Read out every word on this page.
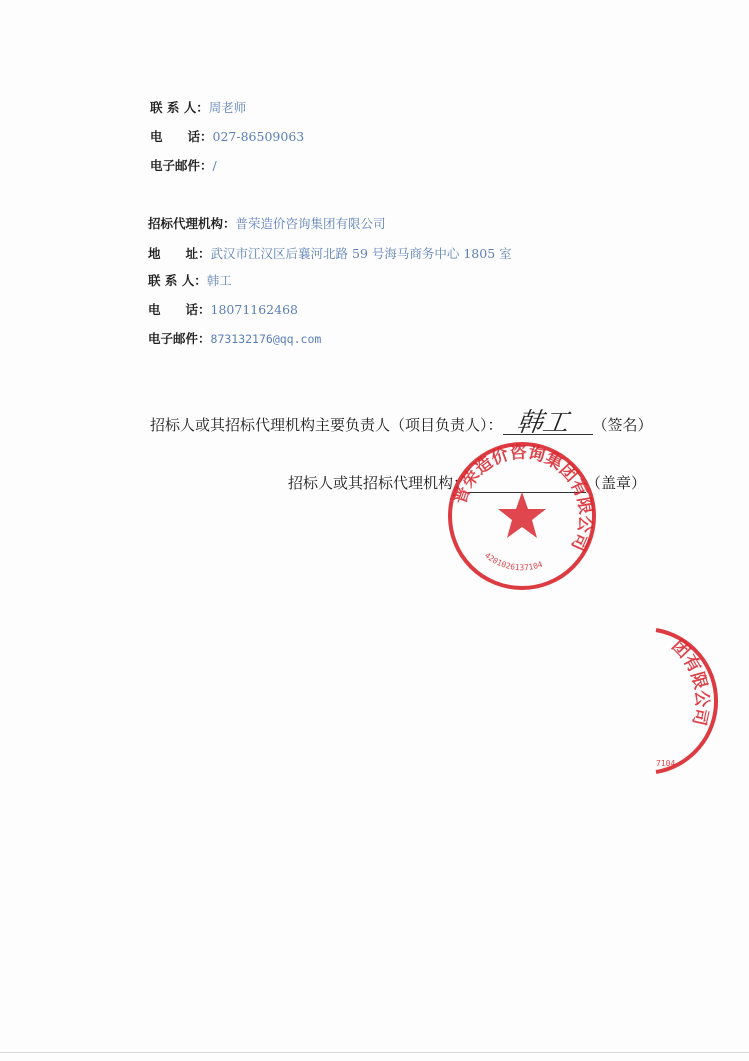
联 系 人： 周老师
电　　话： 027-86509063
电子邮件： /
招标代理机构： 普荣造价咨询集团有限公司
地　　址： 武汉市江汉区后襄河北路 59 号海马商务中心 1805 室
联 系 人： 韩工
电　　话： 18071162468
电子邮件： 873132176@qq.com
招标人或其招标代理机构主要负责人（项目负责人）： 韩工 （签名）
招标人或其招标代理机构：	（盖章）
普荣造价咨询集团有限公司
4201026137104
团有限公司
7104
